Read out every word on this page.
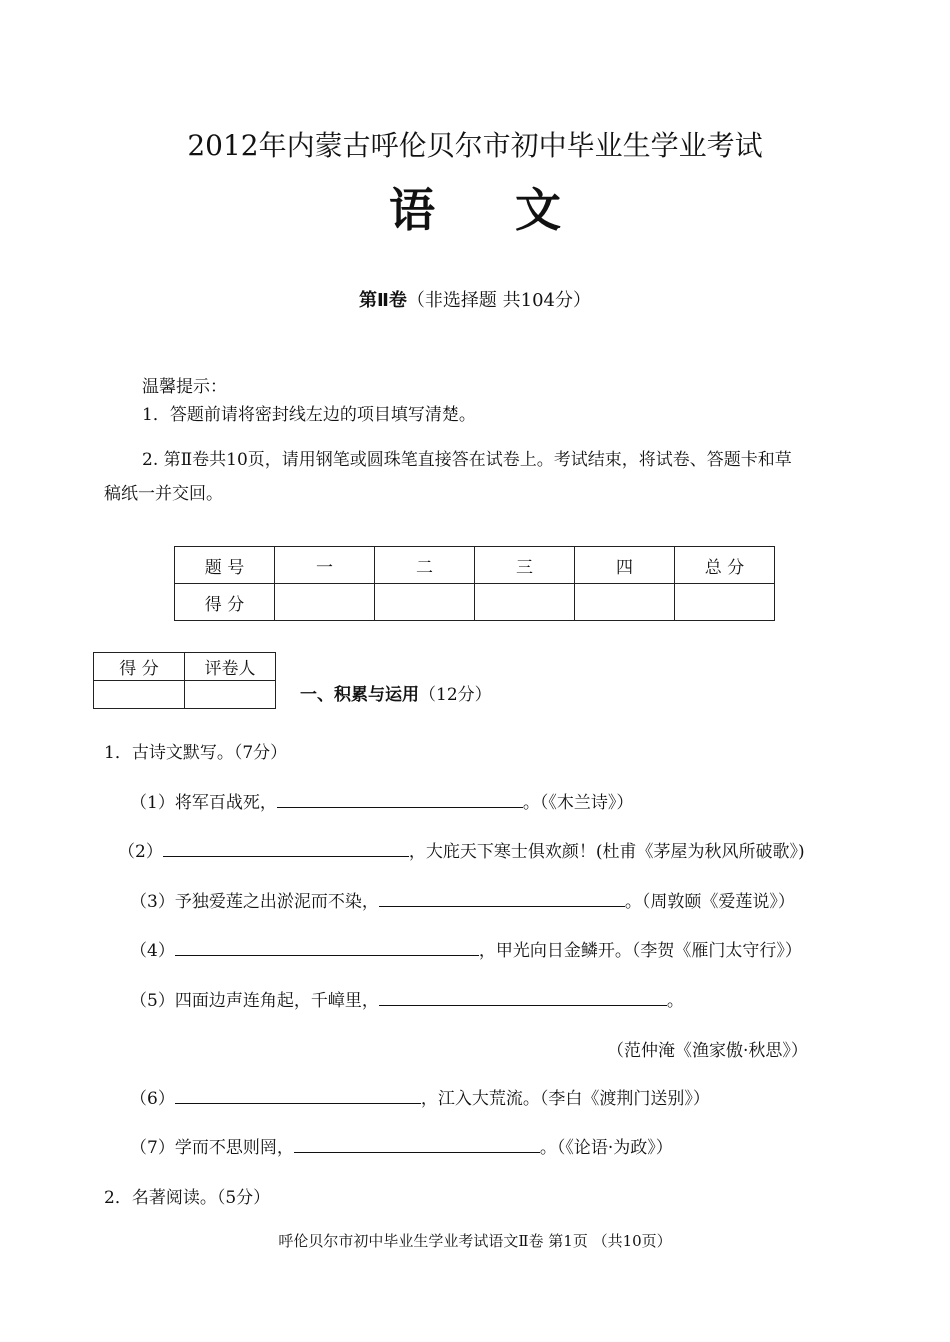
2012年内蒙古呼伦贝尔市初中毕业生学业考试
语 文
第Ⅱ卷（非选择题 共104分）
温馨提示：
1．答题前请将密封线左边的项目填写清楚。
2. 第Ⅱ卷共10页，请用钢笔或圆珠笔直接答在试卷上。考试结束，将试卷、答题卡和草
稿纸一并交回。
题 号	一	二	三	四	总 分
得 分					
得 分	评卷人

一、积累与运用（12分）
1．古诗文默写。（7分）
（1）将军百战死，	。（《木兰诗》）
（2）	，大庇天下寒士俱欢颜！(杜甫《茅屋为秋风所破歌》)
（3）予独爱莲之出淤泥而不染，	。（周敦颐《爱莲说》）
（4）	，甲光向日金鳞开。（李贺《雁门太守行》）
（5）四面边声连角起，千嶂里，	。
（范仲淹《渔家傲·秋思》）
（6）	，江入大荒流。（李白《渡荆门送别》）
（7）学而不思则罔，	。（《论语·为政》）
2．名著阅读。（5分）
呼伦贝尔市初中毕业生学业考试语文Ⅱ卷 第1页 （共10页）
